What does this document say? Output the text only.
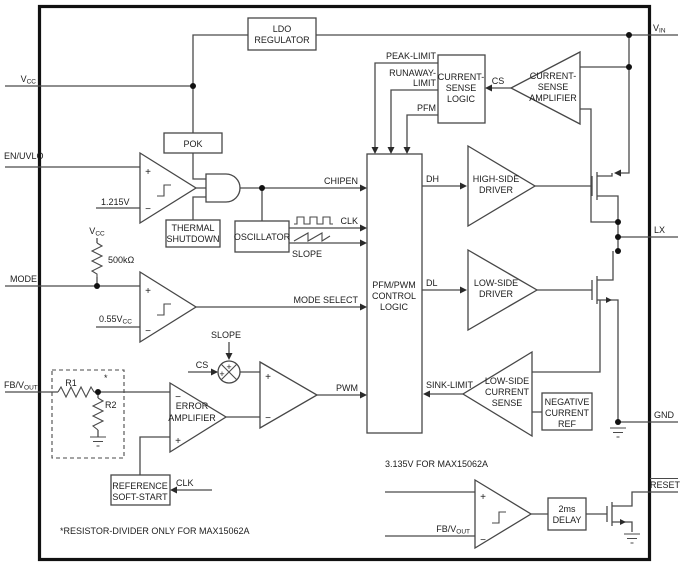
VCC
EN/UVLO
MODE
FB/VOUT
VIN
LX
GND
RESET
LDO
REGULATOR
POK
THERMAL
SHUTDOWN OSCILLATOR
CURRENT-
SENSE
LOGIC
CURRENT-
SENSE
AMPLIFIER
HIGH-SIDE
DRIVER
LOW-SIDE
DRIVER
PFM/PWM
CONTROL
LOGIC
LOW-SIDE
CURRENT
SENSE NEGATIVE
CURRENT
REF
ERROR
AMPLIFIER
REFERENCE
SOFT-START
2ms
DELAY
PEAK-LIMIT
RUNAWAY-
LIMIT
PFM
CS
CHIPEN
CLK
SLOPE
MODE SELECT
DH
DL
PWM	SINK-LIMIT
CS
SLOPE
CLK
FB/VOUT
1.215V
VCC
500kΩ
0.55VCC
R1
R2
*
3.135V FOR MAX15062A
*RESISTOR-DIVIDER ONLY FOR MAX15062A
+
−
+
−
−
+
+
−
+
−
+
+
